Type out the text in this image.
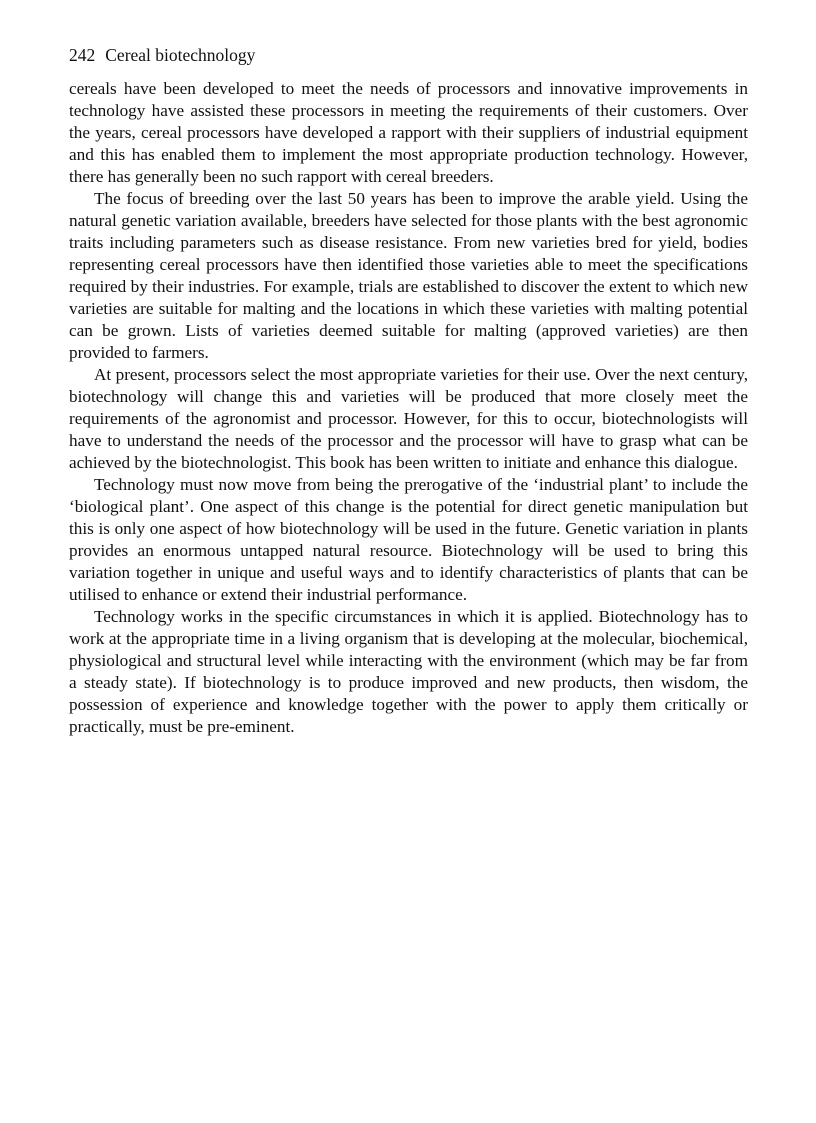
242 Cereal biotechnology

cereals have been developed to meet the needs of processors and innovative improvements in technology have assisted these processors in meeting the requirements of their customers. Over the years, cereal processors have developed a rapport with their suppliers of industrial equipment and this has enabled them to implement the most appropriate production technology. However, there has generally been no such rapport with cereal breeders.

The focus of breeding over the last 50 years has been to improve the arable yield. Using the natural genetic variation available, breeders have selected for those plants with the best agronomic traits including parameters such as disease resistance. From new varieties bred for yield, bodies representing cereal processors have then identified those varieties able to meet the specifications required by their industries. For example, trials are established to discover the extent to which new varieties are suitable for malting and the locations in which these varieties with malting potential can be grown. Lists of varieties deemed suitable for malting (approved varieties) are then provided to farmers.

At present, processors select the most appropriate varieties for their use. Over the next century, biotechnology will change this and varieties will be produced that more closely meet the requirements of the agronomist and processor. However, for this to occur, biotechnologists will have to understand the needs of the processor and the processor will have to grasp what can be achieved by the biotechnologist. This book has been written to initiate and enhance this dialogue.

Technology must now move from being the prerogative of the ‘industrial plant’ to include the ‘biological plant’. One aspect of this change is the potential for direct genetic manipulation but this is only one aspect of how biotechnology will be used in the future. Genetic variation in plants provides an enormous untapped natural resource. Biotechnology will be used to bring this variation together in unique and useful ways and to identify characteristics of plants that can be utilised to enhance or extend their industrial performance.

Technology works in the specific circumstances in which it is applied. Biotechnology has to work at the appropriate time in a living organism that is developing at the molecular, biochemical, physiological and structural level while interacting with the environment (which may be far from a steady state). If biotechnology is to produce improved and new products, then wisdom, the possession of experience and knowledge together with the power to apply them critically or practically, must be pre-eminent.
